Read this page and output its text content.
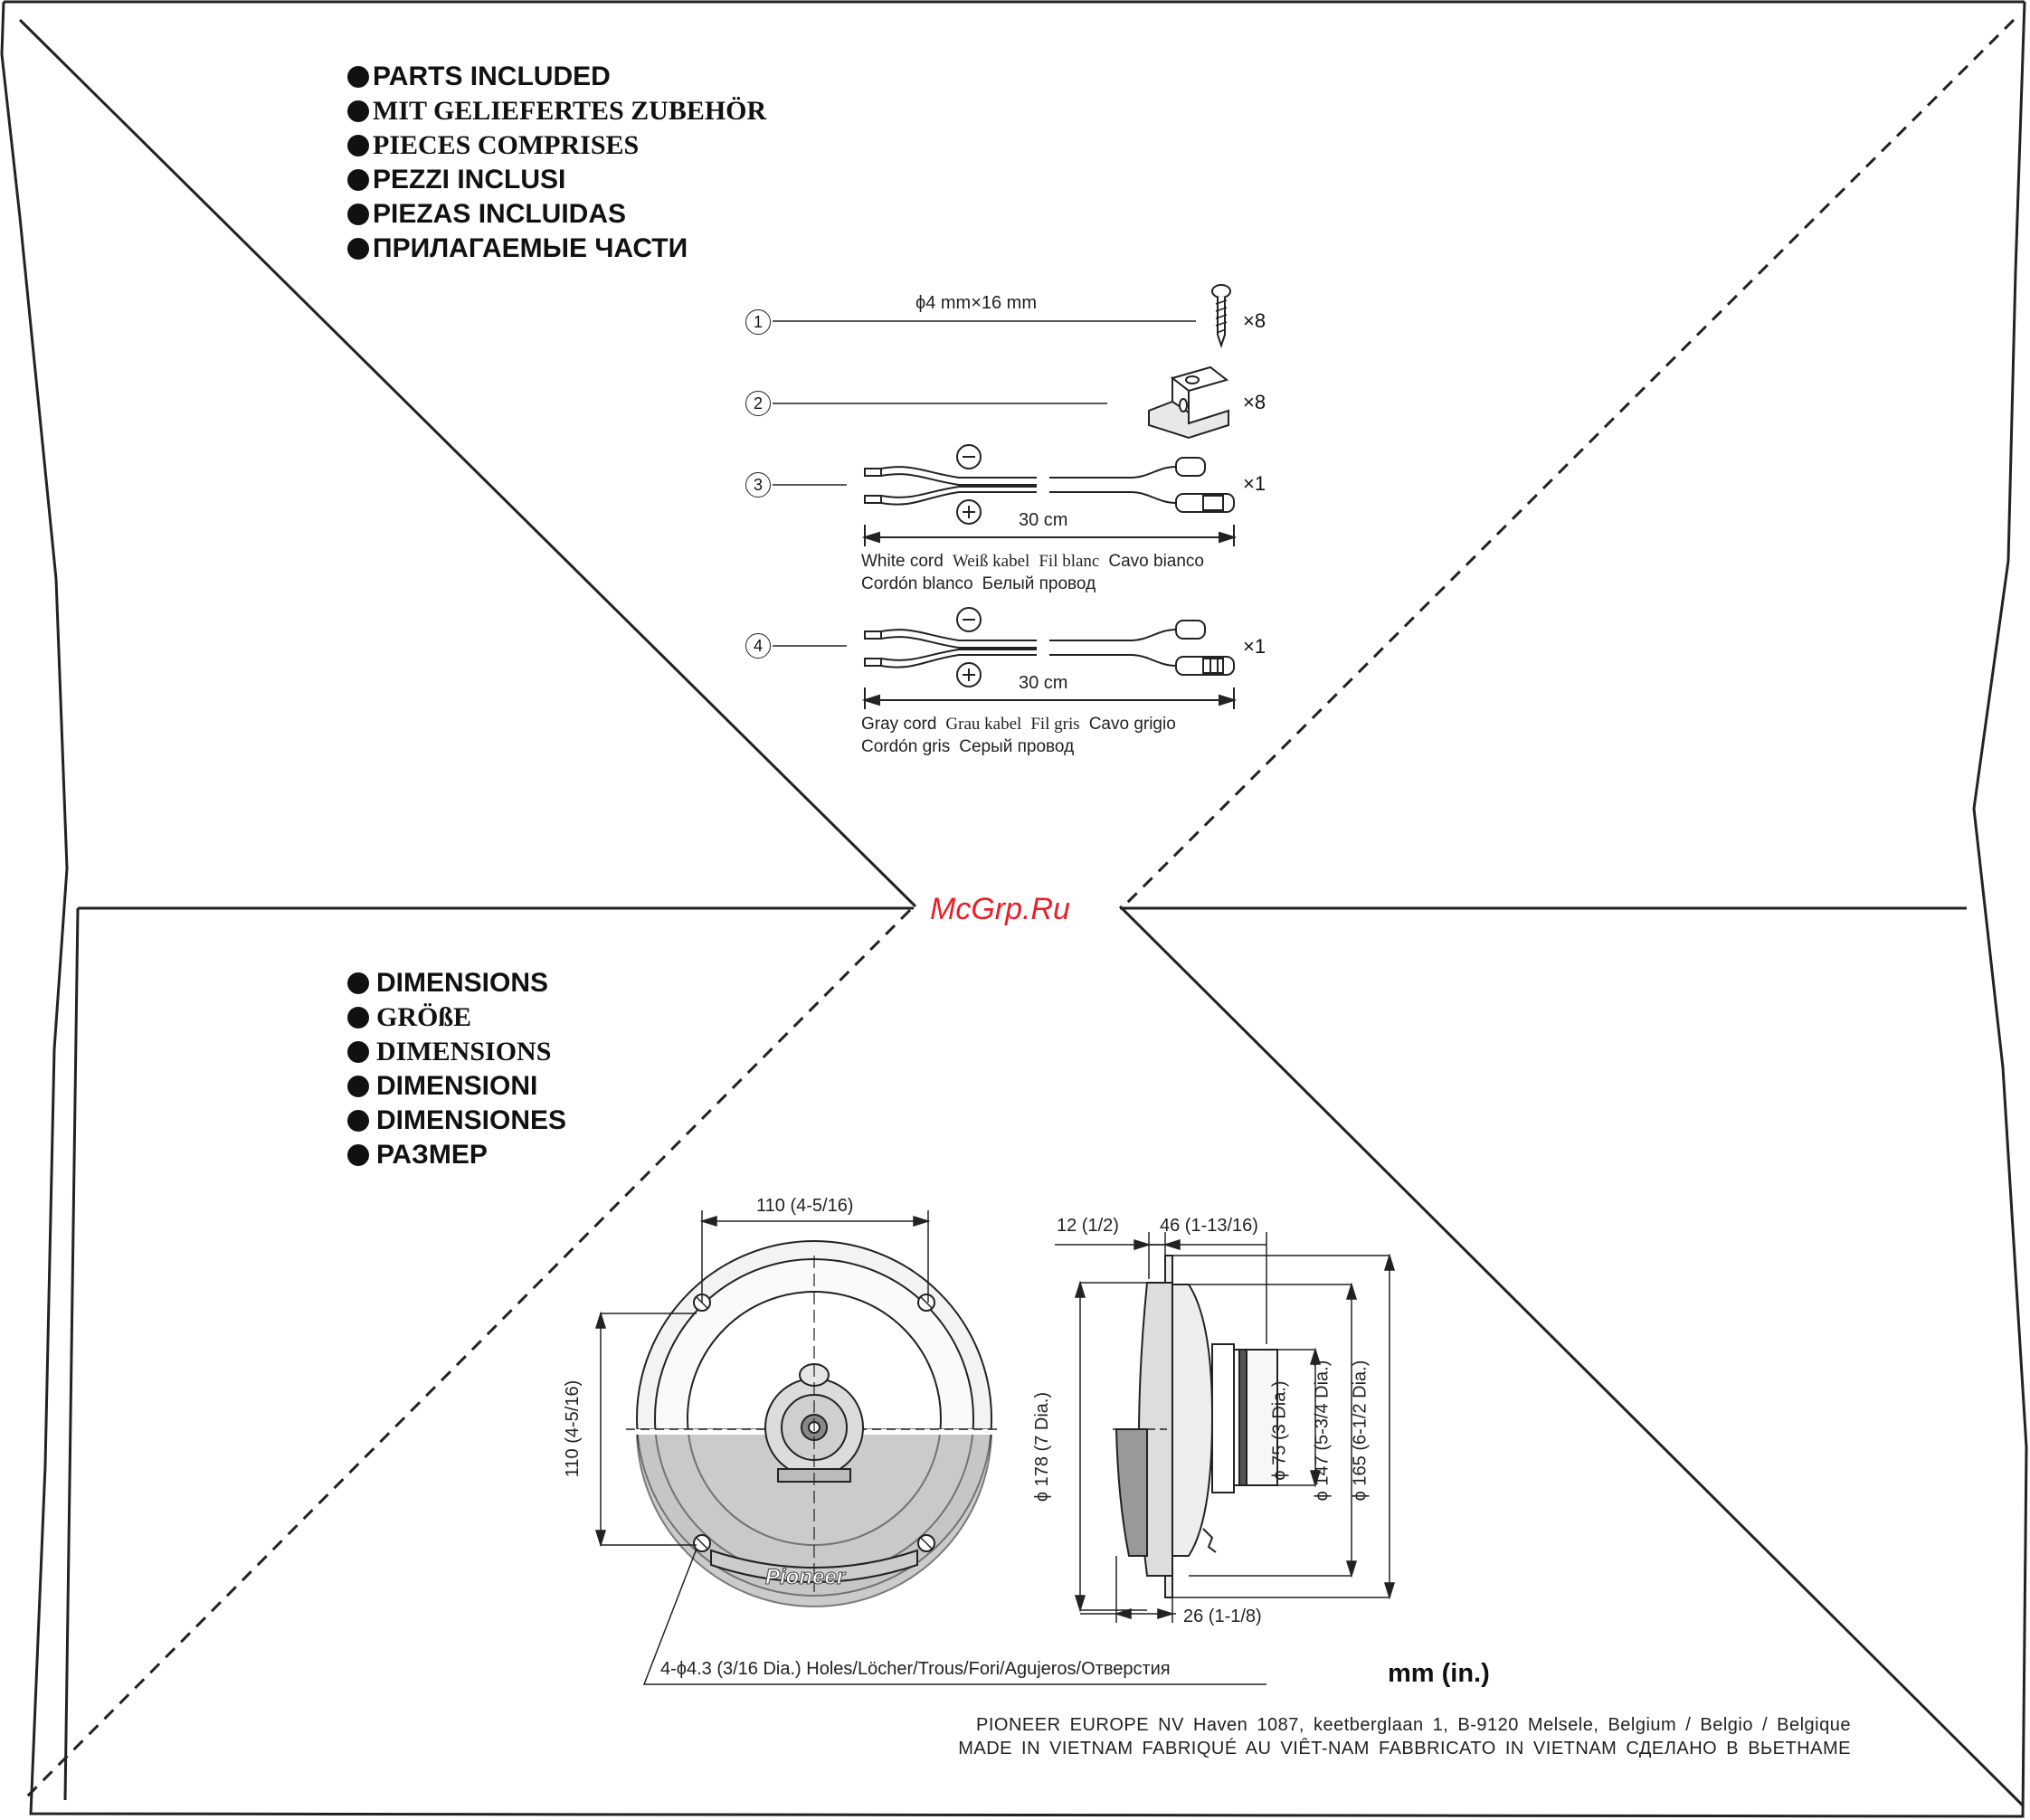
PARTS INCLUDED
MIT GELIEFERTES ZUBEHÖR
PIECES COMPRISES
PEZZI INCLUSI
PIEZAS INCLUIDAS
ПРИЛАГАЕМЫЕ ЧАСТИ
1
ϕ4 mm×16 mm
×8
2	×8
3	×1
30 cm
White cord Weiß kabel Fil blanc Cavo bianco
Cordón blanco Белый провод
4	×1
30 cm
Gray cord Grau kabel Fil gris Cavo grigio
Cordón gris Серый провод
McGrp.Ru
DIMENSIONS
GRÖßE
DIMENSIONS
DIMENSIONI
DIMENSIONES
РАЗМЕР
110 (4-5/16)
110 (4-5/16)
Pioneer
4-ϕ4.3 (3/16 Dia.) Holes/Löcher/Trous/Fori/Agujeros/Отверстия
12 (1/2) 46 (1-13/16)
ϕ 178 (7 Dia.)	ϕ 75 (3 Dia.) ϕ 147 (5-3/4 Dia.) ϕ 165 (6-1/2 Dia.)
26 (1-1/8)
mm (in.)
PIONEER EUROPE NV Haven 1087, keetberglaan 1, B-9120 Melsele, Belgium / Belgio / Belgique
MADE IN VIETNAM FABRIQUÉ AU VIÊT-NAM FABBRICATO IN VIETNAM СДЕЛАНО В ВЬЕТНАМЕ
